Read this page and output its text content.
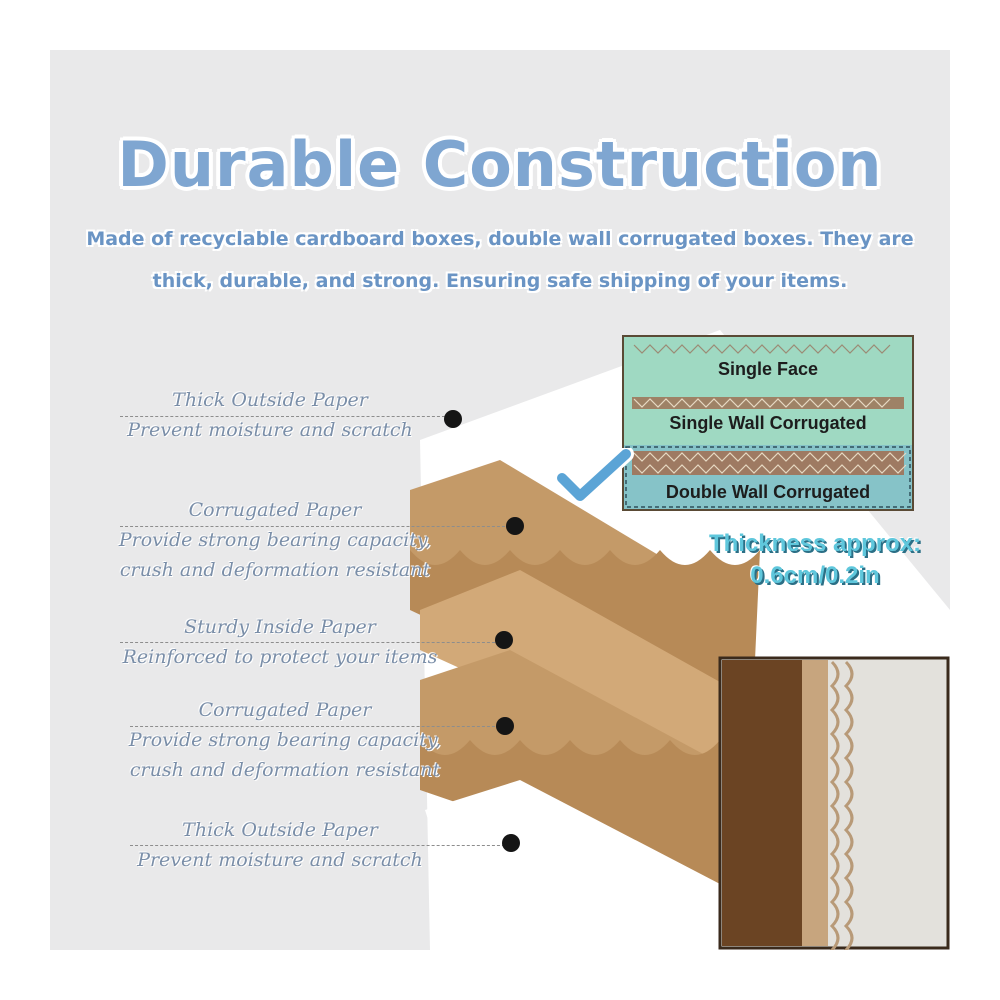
Durable Construction
Made of recyclable cardboard boxes, double wall corrugated boxes. They are
thick, durable, and strong. Ensuring safe shipping of your items.
Thick Outside Paper
Prevent moisture and scratch
Corrugated Paper
Provide strong bearing capacity,
crush and deformation resistant
Sturdy Inside Paper
Reinforced to protect your items
Corrugated Paper
Provide strong bearing capacity,
crush and deformation resistant
Thick Outside Paper
Prevent moisture and scratch
Single Face
Single Wall Corrugated
Double Wall Corrugated
Thickness approx:
0.6cm/0.2in
